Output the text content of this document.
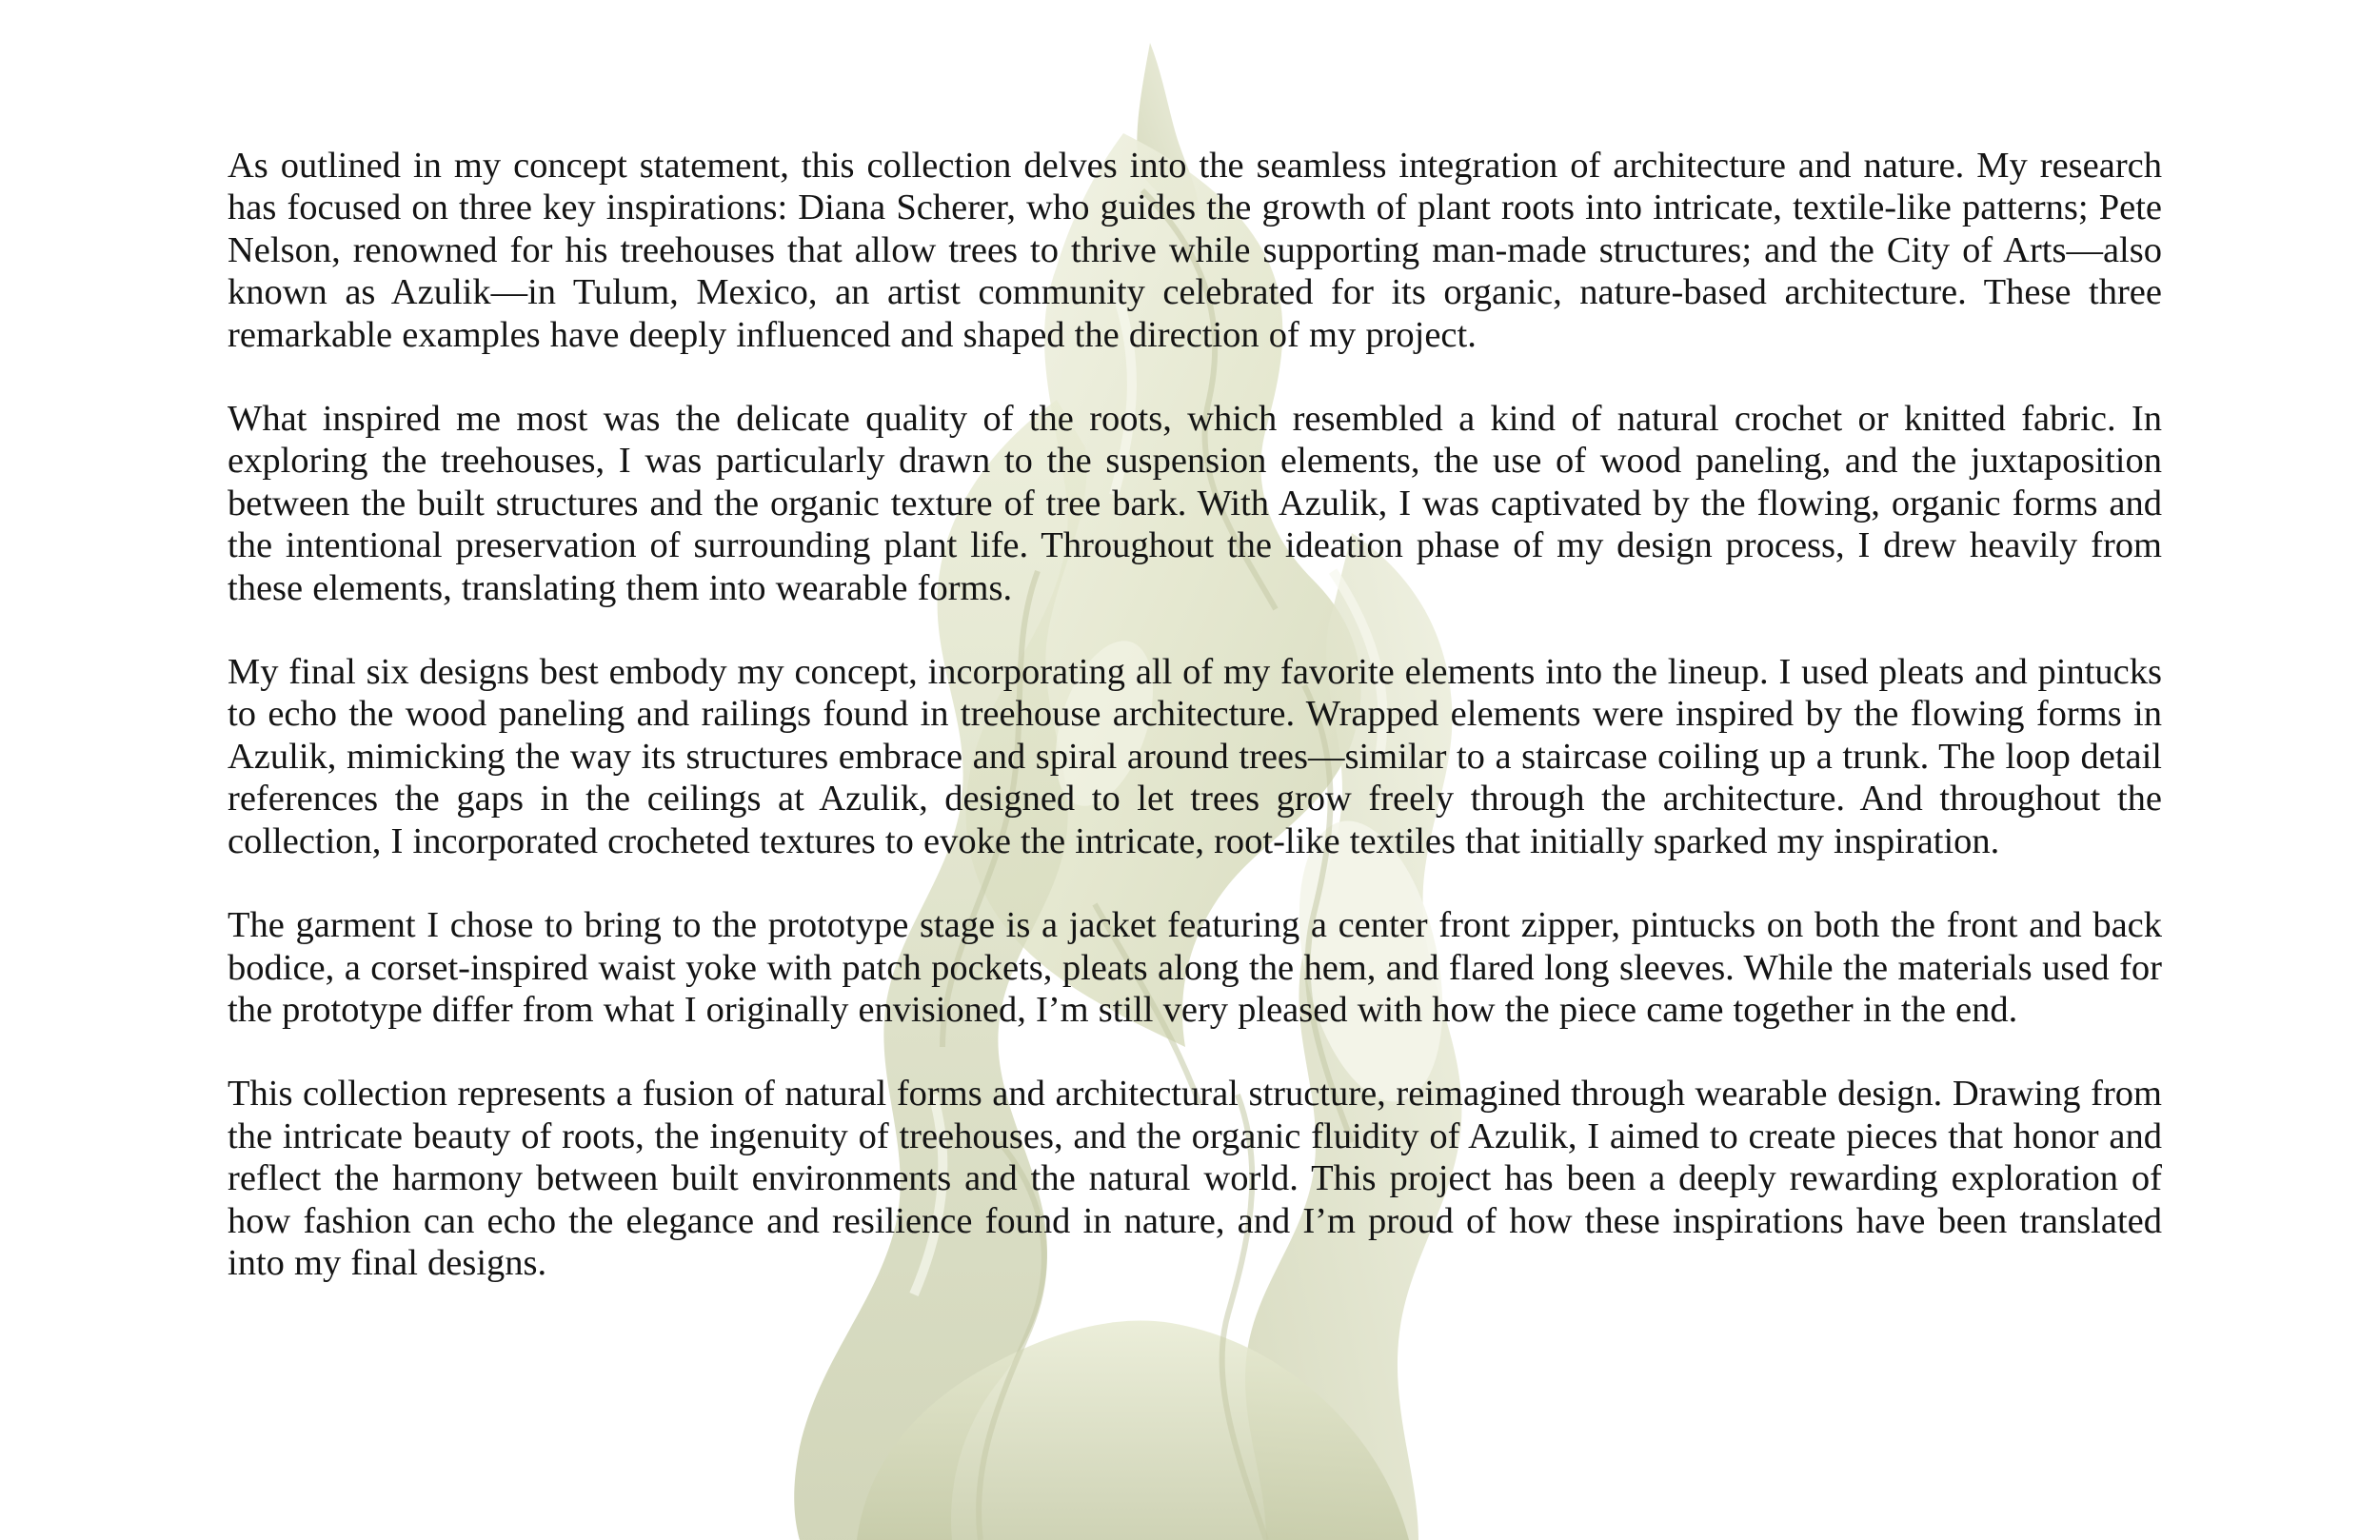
As outlined in my concept statement, this collection delves into the seamless integration of architecture and nature. My research has focused on three key inspirations: Diana Scherer, who guides the growth of plant roots into intricate, textile-like patterns; Pete Nelson, renowned for his treehouses that allow trees to thrive while supporting man-made structures; and the City of Arts—also known as Azulik—in Tulum, Mexico, an artist community celebrated for its organic, nature-based architecture. These three remarkable examples have deeply influenced and shaped the direction of my project.

What inspired me most was the delicate quality of the roots, which resembled a kind of natural crochet or knitted fabric. In exploring the treehouses, I was particularly drawn to the suspension elements, the use of wood paneling, and the juxtaposition between the built structures and the organic texture of tree bark. With Azulik, I was captivated by the flowing, organic forms and the intentional preservation of surrounding plant life. Throughout the ideation phase of my design process, I drew heavily from these elements, translating them into wearable forms.

My final six designs best embody my concept, incorporating all of my favorite elements into the lineup. I used pleats and pintucks to echo the wood paneling and railings found in treehouse architecture. Wrapped elements were inspired by the flowing forms in Azulik, mimicking the way its structures embrace and spiral around trees—similar to a staircase coiling up a trunk. The loop detail references the gaps in the ceilings at Azulik, designed to let trees grow freely through the architecture. And throughout the collection, I incorporated crocheted textures to evoke the intricate, root-like textiles that initially sparked my inspiration.

The garment I chose to bring to the prototype stage is a jacket featuring a center front zipper, pintucks on both the front and back bodice, a corset-inspired waist yoke with patch pockets, pleats along the hem, and flared long sleeves. While the materials used for the prototype differ from what I originally envisioned, I’m still very pleased with how the piece came together in the end.

This collection represents a fusion of natural forms and architectural structure, reimagined through wearable design. Drawing from the intricate beauty of roots, the ingenuity of treehouses, and the organic fluidity of Azulik, I aimed to create pieces that honor and reflect the harmony between built environments and the natural world. This project has been a deeply rewarding exploration of how fashion can echo the elegance and resilience found in nature, and I’m proud of how these inspirations have been translated into my final designs.
